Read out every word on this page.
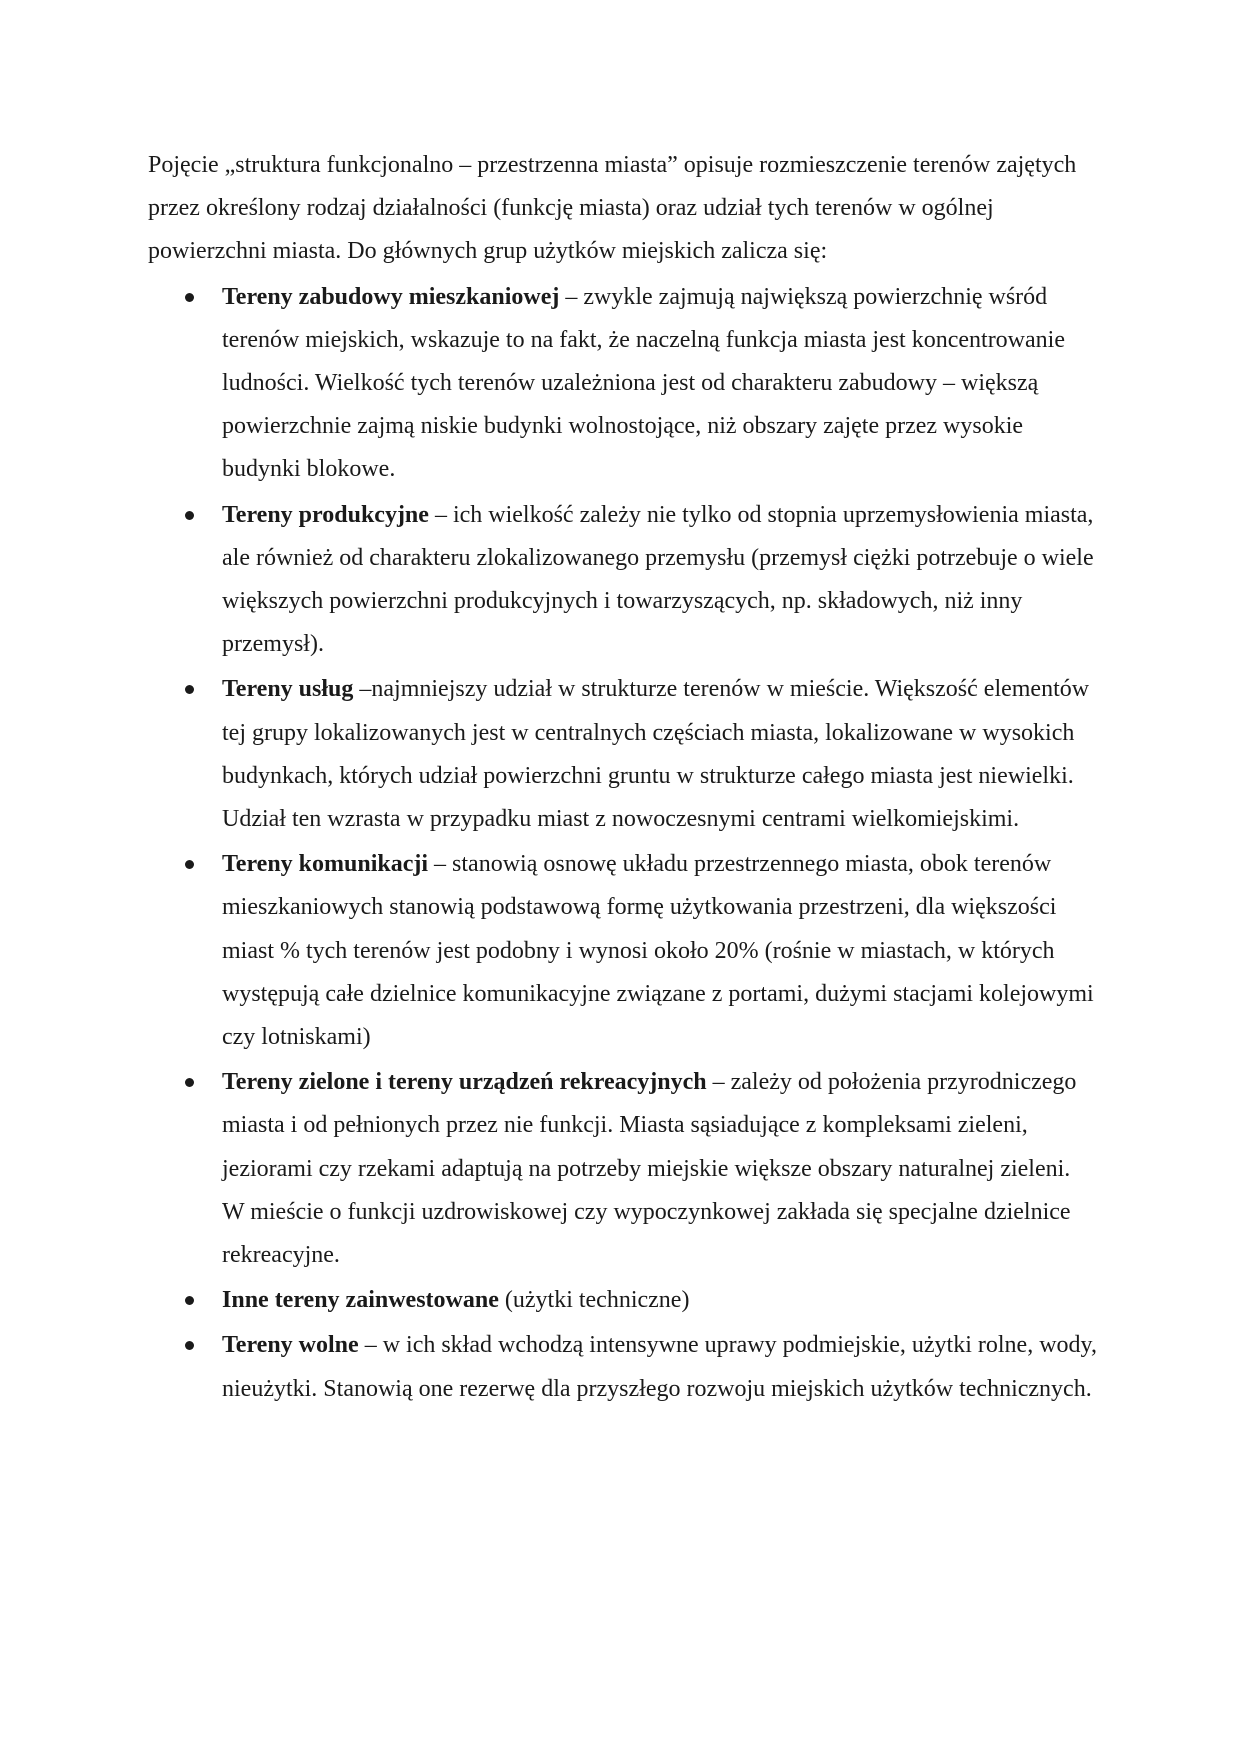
Pojęcie „struktura funkcjonalno – przestrzenna miasta” opisuje rozmieszczenie terenów zajętych przez określony rodzaj działalności (funkcję miasta) oraz udział tych terenów w ogólnej powierzchni miasta. Do głównych grup użytków miejskich zalicza się:

Tereny zabudowy mieszkaniowej – zwykle zajmują największą powierzchnię wśród terenów miejskich, wskazuje to na fakt, że naczelną funkcja miasta jest koncentrowanie ludności. Wielkość tych terenów uzależniona jest od charakteru zabudowy – większą powierzchnie zajmą niskie budynki wolnostojące, niż obszary zajęte przez wysokie budynki blokowe.
Tereny produkcyjne – ich wielkość zależy nie tylko od stopnia uprzemysłowienia miasta, ale również od charakteru zlokalizowanego przemysłu (przemysł ciężki potrzebuje o wiele większych powierzchni produkcyjnych i towarzyszących, np. składowych, niż inny przemysł).
Tereny usług –najmniejszy udział w strukturze terenów w mieście. Większość elementów tej grupy lokalizowanych jest w centralnych częściach miasta, lokalizowane w wysokich budynkach, których udział powierzchni gruntu w strukturze całego miasta jest niewielki. Udział ten wzrasta w przypadku miast z nowoczesnymi centrami wielkomiejskimi.
Tereny komunikacji – stanowią osnowę układu przestrzennego miasta, obok terenów mieszkaniowych stanowią podstawową formę użytkowania przestrzeni, dla większości miast % tych terenów jest podobny i wynosi około 20% (rośnie w miastach, w których występują całe dzielnice komunikacyjne związane z portami, dużymi stacjami kolejowymi czy lotniskami)
Tereny zielone i tereny urządzeń rekreacyjnych – zależy od położenia przyrodniczego miasta i od pełnionych przez nie funkcji. Miasta sąsiadujące z kompleksami zieleni, jeziorami czy rzekami adaptują na potrzeby miejskie większe obszary naturalnej zieleni. W mieście o funkcji uzdrowiskowej czy wypoczynkowej zakłada się specjalne dzielnice rekreacyjne.
Inne tereny zainwestowane (użytki techniczne)
Tereny wolne – w ich skład wchodzą intensywne uprawy podmiejskie, użytki rolne, wody, nieużytki. Stanowią one rezerwę dla przyszłego rozwoju miejskich użytków technicznych.
